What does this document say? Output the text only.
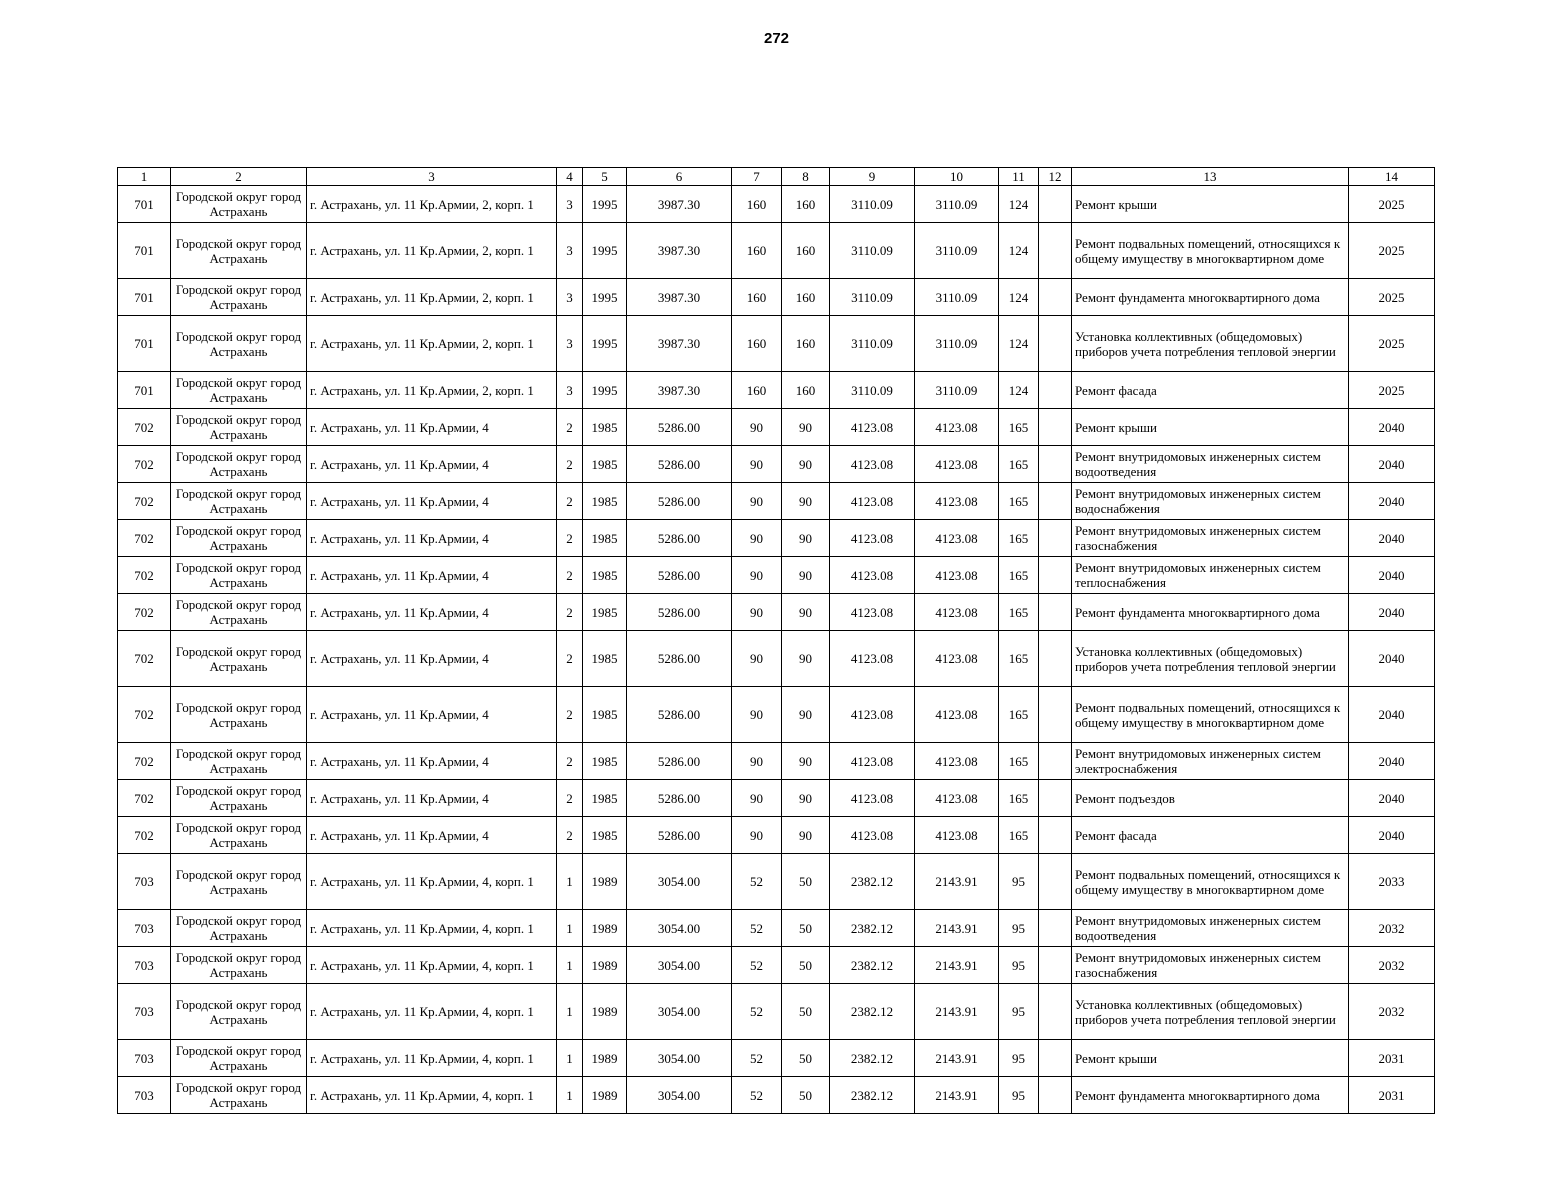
272
1	2	3	4	5	6	7	8	9	10	11	12	13	14
701	Городской округ город Астрахань	г. Астрахань, ул. 11 Кр.Армии, 2, корп. 1	3	1995	3987.30	160	160	3110.09	3110.09	124		Ремонт крыши	2025
701	Городской округ город Астрахань	г. Астрахань, ул. 11 Кр.Армии, 2, корп. 1	3	1995	3987.30	160	160	3110.09	3110.09	124		Ремонт подвальных помещений, относящихся к общему имуществу в многоквартирном доме	2025
701	Городской округ город Астрахань	г. Астрахань, ул. 11 Кр.Армии, 2, корп. 1	3	1995	3987.30	160	160	3110.09	3110.09	124		Ремонт фундамента многоквартирного дома	2025
701	Городской округ город Астрахань	г. Астрахань, ул. 11 Кр.Армии, 2, корп. 1	3	1995	3987.30	160	160	3110.09	3110.09	124		Установка коллективных (общедомовых) приборов учета потребления тепловой энергии	2025
701	Городской округ город Астрахань	г. Астрахань, ул. 11 Кр.Армии, 2, корп. 1	3	1995	3987.30	160	160	3110.09	3110.09	124		Ремонт фасада	2025
702	Городской округ город Астрахань	г. Астрахань, ул. 11 Кр.Армии, 4	2	1985	5286.00	90	90	4123.08	4123.08	165		Ремонт крыши	2040
702	Городской округ город Астрахань	г. Астрахань, ул. 11 Кр.Армии, 4	2	1985	5286.00	90	90	4123.08	4123.08	165		Ремонт внутридомовых инженерных систем водоотведения	2040
702	Городской округ город Астрахань	г. Астрахань, ул. 11 Кр.Армии, 4	2	1985	5286.00	90	90	4123.08	4123.08	165		Ремонт внутридомовых инженерных систем водоснабжения	2040
702	Городской округ город Астрахань	г. Астрахань, ул. 11 Кр.Армии, 4	2	1985	5286.00	90	90	4123.08	4123.08	165		Ремонт внутридомовых инженерных систем газоснабжения	2040
702	Городской округ город Астрахань	г. Астрахань, ул. 11 Кр.Армии, 4	2	1985	5286.00	90	90	4123.08	4123.08	165		Ремонт внутридомовых инженерных систем теплоснабжения	2040
702	Городской округ город Астрахань	г. Астрахань, ул. 11 Кр.Армии, 4	2	1985	5286.00	90	90	4123.08	4123.08	165		Ремонт фундамента многоквартирного дома	2040
702	Городской округ город Астрахань	г. Астрахань, ул. 11 Кр.Армии, 4	2	1985	5286.00	90	90	4123.08	4123.08	165		Установка коллективных (общедомовых) приборов учета потребления тепловой энергии	2040
702	Городской округ город Астрахань	г. Астрахань, ул. 11 Кр.Армии, 4	2	1985	5286.00	90	90	4123.08	4123.08	165		Ремонт подвальных помещений, относящихся к общему имуществу в многоквартирном доме	2040
702	Городской округ город Астрахань	г. Астрахань, ул. 11 Кр.Армии, 4	2	1985	5286.00	90	90	4123.08	4123.08	165		Ремонт внутридомовых инженерных систем электроснабжения	2040
702	Городской округ город Астрахань	г. Астрахань, ул. 11 Кр.Армии, 4	2	1985	5286.00	90	90	4123.08	4123.08	165		Ремонт подъездов	2040
702	Городской округ город Астрахань	г. Астрахань, ул. 11 Кр.Армии, 4	2	1985	5286.00	90	90	4123.08	4123.08	165		Ремонт фасада	2040
703	Городской округ город Астрахань	г. Астрахань, ул. 11 Кр.Армии, 4, корп. 1	1	1989	3054.00	52	50	2382.12	2143.91	95		Ремонт подвальных помещений, относящихся к общему имуществу в многоквартирном доме	2033
703	Городской округ город Астрахань	г. Астрахань, ул. 11 Кр.Армии, 4, корп. 1	1	1989	3054.00	52	50	2382.12	2143.91	95		Ремонт внутридомовых инженерных систем водоотведения	2032
703	Городской округ город Астрахань	г. Астрахань, ул. 11 Кр.Армии, 4, корп. 1	1	1989	3054.00	52	50	2382.12	2143.91	95		Ремонт внутридомовых инженерных систем газоснабжения	2032
703	Городской округ город Астрахань	г. Астрахань, ул. 11 Кр.Армии, 4, корп. 1	1	1989	3054.00	52	50	2382.12	2143.91	95		Установка коллективных (общедомовых) приборов учета потребления тепловой энергии	2032
703	Городской округ город Астрахань	г. Астрахань, ул. 11 Кр.Армии, 4, корп. 1	1	1989	3054.00	52	50	2382.12	2143.91	95		Ремонт крыши	2031
703	Городской округ город Астрахань	г. Астрахань, ул. 11 Кр.Армии, 4, корп. 1	1	1989	3054.00	52	50	2382.12	2143.91	95		Ремонт фундамента многоквартирного дома	2031
